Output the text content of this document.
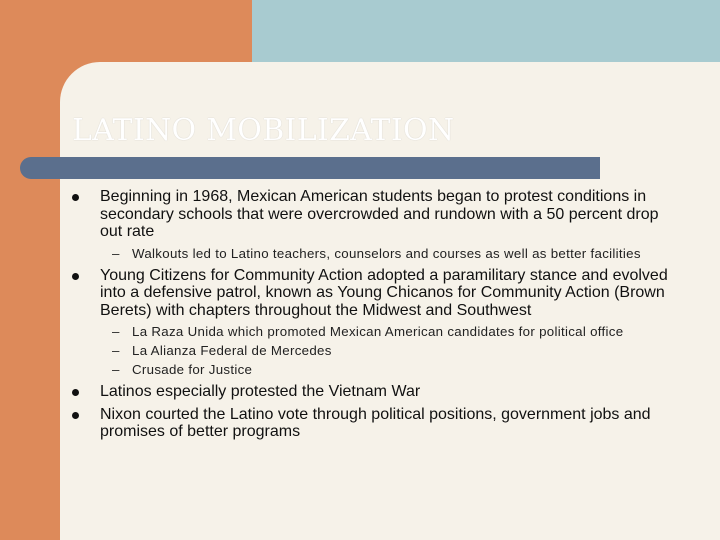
LATINO MOBILIZATION
Beginning in 1968, Mexican American students began to protest conditions in secondary schools that were overcrowded and rundown with a 50 percent drop out rate
– Walkouts led to Latino teachers, counselors and courses as well as better facilities
Young Citizens for Community Action adopted a paramilitary stance and evolved into a defensive patrol, known as Young Chicanos for Community Action (Brown Berets) with chapters throughout the Midwest and Southwest
– La Raza Unida which promoted Mexican American candidates for political office
– La Alianza Federal de Mercedes
– Crusade for Justice
Latinos especially protested the Vietnam War
Nixon courted the Latino vote through political positions, government jobs and promises of better programs
